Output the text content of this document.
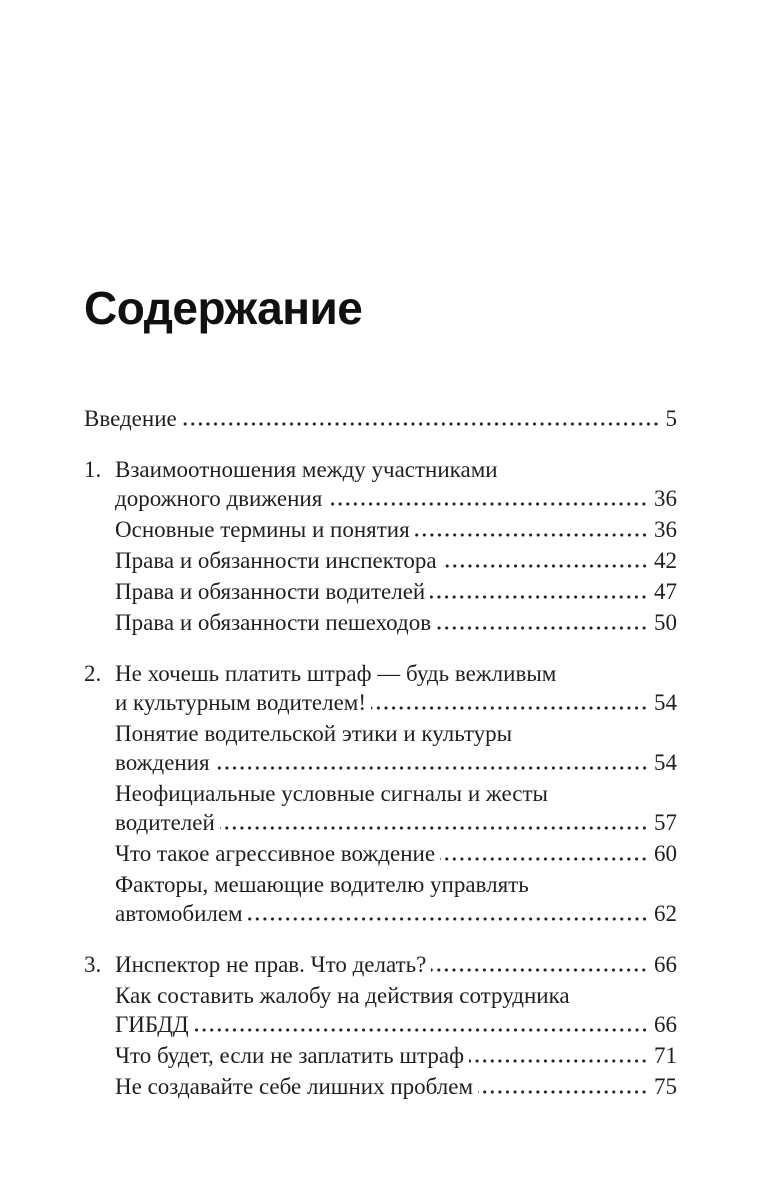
Содержание
Введение	5
1. Взаимоотношения между участниками
дорожного движения	36
Основные термины и понятия	36
Права и обязанности инспектора	42
Права и обязанности водителей	47
Права и обязанности пешеходов	50
2. Не хочешь платить штраф — будь вежливым
и культурным водителем!	54
Понятие водительской этики и культуры
вождения	54
Неофициальные условные сигналы и жесты
водителей	57
Что такое агрессивное вождение	60
Факторы, мешающие водителю управлять
автомобилем	62
3. Инспектор не прав. Что делать?	66
Как составить жалобу на действия сотрудника
ГИБДД	66
Что будет, если не заплатить штраф	71
Не создавайте себе лишних проблем	75
